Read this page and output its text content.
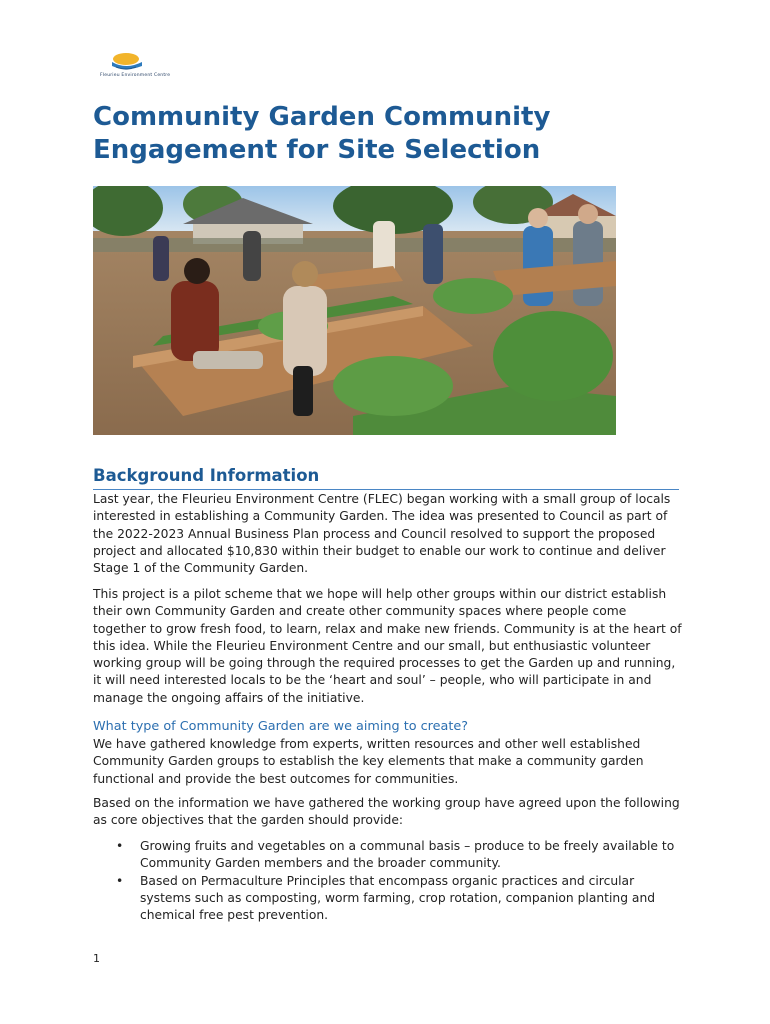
Fleurieu Environment Centre
Community Garden Community Engagement for Site Selection
Background Information

Last year, the Fleurieu Environment Centre (FLEC) began working with a small group of locals interested in establishing a Community Garden. The idea was presented to Council as part of the 2022-2023 Annual Business Plan process and Council resolved to support the proposed project and allocated $10,830 within their budget to enable our work to continue and deliver Stage 1 of the Community Garden.

This project is a pilot scheme that we hope will help other groups within our district establish their own Community Garden and create other community spaces where people come together to grow fresh food, to learn, relax and make new friends. Community is at the heart of this idea. While the Fleurieu Environment Centre and our small, but enthusiastic volunteer working group will be going through the required processes to get the Garden up and running, it will need interested locals to be the ‘heart and soul’ – people, who will participate in and manage the ongoing affairs of the initiative.

What type of Community Garden are we aiming to create?

We have gathered knowledge from experts, written resources and other well established Community Garden groups to establish the key elements that make a community garden functional and provide the best outcomes for communities.

Based on the information we have gathered the working group have agreed upon the following as core objectives that the garden should provide:

• Growing fruits and vegetables on a communal basis – produce to be freely available to Community Garden members and the broader community.
• Based on Permaculture Principles that encompass organic practices and circular systems such as composting, worm farming, crop rotation, companion planting and chemical free pest prevention.
1
